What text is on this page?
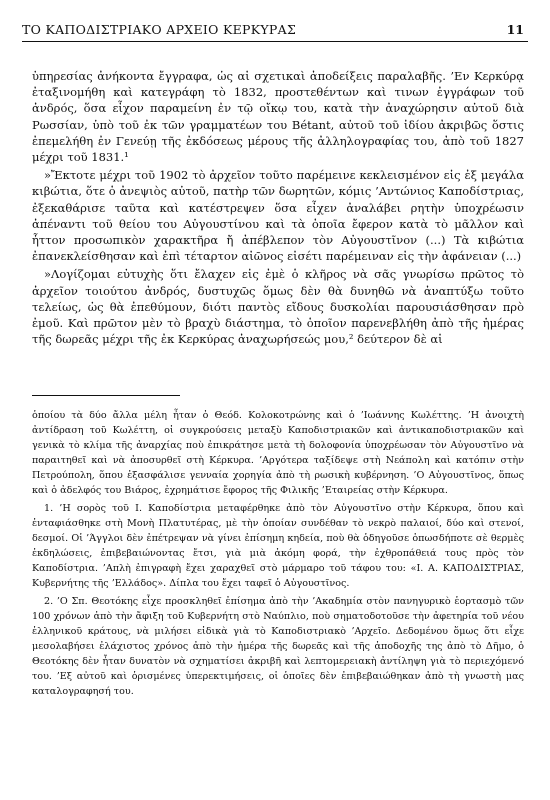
ΤΟ ΚΑΠΟΔΙΣΤΡΙΑΚΟ ΑΡΧΕΙΟ ΚΕΡΚΥΡΑΣ	11

ὑπηρεσίας ἀνήκοντα ἔγγραφα, ὡς αἱ σχετικαὶ ἀποδείξεις παραλαβῆς. ’Εν Κερκύρᾳ ἐταξινομήθη καὶ κατεγράφη τὸ 1832, προστεθέντων καὶ τινων ἐγγράφων τοῦ ἀνδρός, ὅσα εἶχον παραμείνη ἐν τῷ οἴκῳ του, κατὰ τὴν ἀναχώρησιν αὐτοῦ διὰ Ρωσσίαν, ὑπὸ τοῦ ἐκ τῶν γραμματέων του Bétant, αὐτοῦ τοῦ ἰδίου ἀκριβῶς ὅστις ἐπεμελήθη ἐν Γενεύῃ τῆς ἐκδόσεως μέρους τῆς ἀλληλογραφίας του, ἀπὸ τοῦ 1827 μέχρι τοῦ 1831.¹

»Ἔκτοτε μέχρι τοῦ 1902 τὸ ἀρχεῖον τοῦτο παρέμεινε κεκλεισμένον εἰς ἐξ μεγάλα κιβώτια, ὅτε ὁ ἀνεψιὸς αὐτοῦ, πατὴρ τῶν δωρητῶν, κόμις ’Αντώνιος Καποδίστριας, ἐξεκαθάρισε ταῦτα καὶ κατέστρεψεν ὅσα εἶχεν ἀναλάβει ρητὴν ὑποχρέωσιν ἀπέναντι τοῦ θείου του Αὐγουστίνου καὶ τὰ ὁποῖα ἔφερον κατὰ τὸ μᾶλλον καὶ ἧττον προσωπικὸν χαρακτῆρα ἤ ἀπέβλεπον τὸν Αὐγουστῖνον (...) Τὰ κιβώτια ἐπανεκλείσθησαν καὶ ἐπὶ τέταρτον αἰῶνος εἰσέτι παρέμειναν εἰς τὴν ἀφάνειαν (...)

»Λογίζομαι εὐτυχὴς ὅτι ἔλαχεν εἰς ἐμὲ ὁ κλῆρος νὰ σᾶς γνωρίσω πρῶτος τὸ ἀρχεῖον τοιούτου ἀνδρός, δυστυχῶς ὅμως δὲν θὰ δυνηθῶ νὰ ἀναπτύξω τοῦτο τελείως, ὡς θὰ ἐπεθύμουν, διότι παντὸς εἴδους δυσκολίαι παρουσιάσθησαν πρὸ ἐμοῦ. Καὶ πρῶτον μὲν τὸ βραχὺ διάστημα, τὸ ὁποῖον παρενεβλήθη ἀπὸ τῆς ἡμέρας τῆς δωρεᾶς μέχρι τῆς ἐκ Κερκύρας ἀναχωρήσεώς μου,² δεύτερον δὲ αἱ

ὁποίου τὰ δύο ἄλλα μέλη ἦταν ὁ Θεόδ. Κολοκοτρώνης καὶ ὁ ’Ιωάννης Κωλέττης. ’Η ἀνοιχτὴ ἀντίδραση τοῦ Κωλέττη, οἱ συγκρούσεις μεταξὺ Καποδιστριακῶν καὶ ἀντικαποδιστριακῶν καὶ γενικὰ τὸ κλίμα τῆς ἀναρχίας ποὺ ἐπικράτησε μετὰ τὴ δολοφονία ὑποχρέωσαν τὸν Αὐγουστῖνο νὰ παραιτηθεῖ καὶ νὰ ἀποσυρθεῖ στὴ Κέρκυρα. ’Αργότερα ταξίδεψε στὴ Νεάπολη καὶ κατόπιν στὴν Πετρούπολη, ὅπου ἐξασφάλισε γενναία χορηγία ἀπὸ τὴ ρωσικὴ κυβέρνηση. ’Ο Αὐγουστῖνος, ὅπως καὶ ὁ ἀδελφός του Βιάρος, ἐχρημάτισε ἔφορος τῆς Φιλικῆς ’Εταιρείας στὴν Κέρκυρα.

1. ’Η σορὸς τοῦ Ι. Καποδίστρια μεταφέρθηκε ἀπὸ τὸν Αὐγουστῖνο στὴν Κέρκυρα, ὅπου καὶ ἐνταφιάσθηκε στὴ Μονὴ Πλατυτέρας, μὲ τὴν ὁποίαν συνδέθαν τὸ νεκρὸ παλαιοί, δύο καὶ στενοί, δεσμοί. Οἱ ’Άγγλοι δὲν ἐπέτρεψαν νὰ γίνει ἐπίσημη κηδεία, ποὺ θὰ ὁδηγοῦσε ὁπωσδήποτε σὲ θερμὲς ἐκδηλώσεις, ἐπιβεβαιώνοντας ἔτσι, γιὰ μιὰ ἀκόμη φορά, τὴν ἐχθροπάθειά τους πρὸς τὸν Καποδίστρια. ’Απλὴ ἐπιγραφὴ ἔχει χαραχθεῖ στὸ μάρμαρο τοῦ τάφου του: «Ι. Α. ΚΑΠΟΔΙΣΤΡΙΑΣ, Κυβερνήτης τῆς ’Ελλάδος». Δίπλα του ἔχει ταφεῖ ὁ Αὐγουστῖνος.

2. ’Ο Σπ. Θεοτόκης εἶχε προσκληθεῖ ἐπίσημα ἀπὸ τὴν ’Ακαδημία στὸν πανηγυρικὸ ἑορτασμὸ τῶν 100 χρόνων ἀπὸ τὴν ἄφιξη τοῦ Κυβερνήτη στὸ Ναύπλιο, ποὺ σηματοδοτοῦσε τὴν ἀφετηρία τοῦ νέου ἑλληνικοῦ κράτους, νὰ μιλήσει εἰδικὰ γιὰ τὸ Καποδιστριακὸ ’Αρχεῖο. Δεδομένου ὅμως ὅτι εἶχε μεσολαβήσει ἐλάχιστος χρόνος ἀπὸ τὴν ἡμέρα τῆς δωρεᾶς καὶ τῆς ἀποδοχῆς της ἀπὸ τὸ Δῆμο, ὁ Θεοτόκης δὲν ἦταν δυνατὸν νὰ σχηματίσει ἀκριβῆ καὶ λεπτομερειακὴ ἀντίληψη γιὰ τὸ περιεχόμενό του. ’Εξ αὐτοῦ καὶ ὁρισμένες ὑπερεκτιμήσεις, οἱ ὁποῖες δὲν ἐπιβεβαιώθηκαν ἀπὸ τὴ γνωστὴ μας καταλογραφησή του.
